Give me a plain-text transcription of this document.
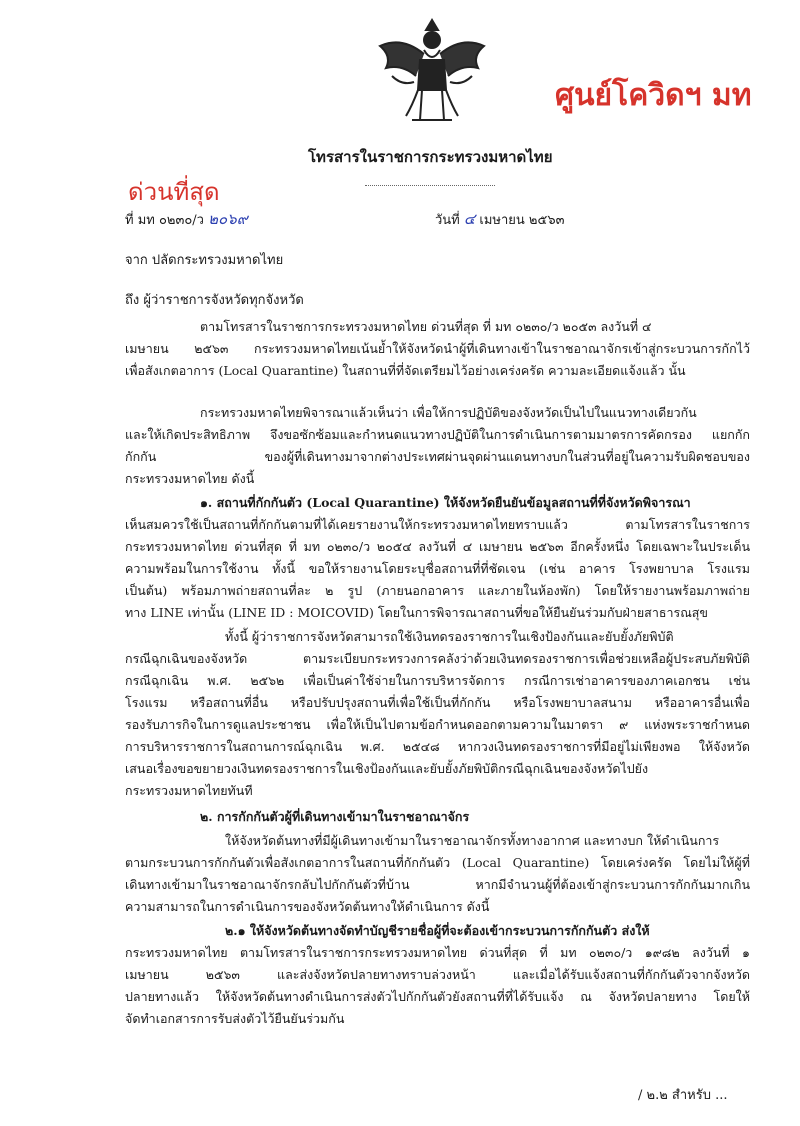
ศูนย์โควิดฯ มท
โทรสารในราชการกระทรวงมหาดไทย
ด่วนที่สุด
ที่ มท ๐๒๓๐/ว ๒๐๖๙	วันที่ ๔ เมษายน ๒๕๖๓
จาก ปลัดกระทรวงมหาดไทย
ถึง ผู้ว่าราชการจังหวัดทุกจังหวัด
ตามโทรสารในราชการกระทรวงมหาดไทย ด่วนที่สุด ที่ มท ๐๒๓๐/ว ๒๐๕๓ ลงวันที่ ๔
เมษายน ๒๕๖๓ กระทรวงมหาดไทยเน้นย้ำให้จังหวัดนำผู้ที่เดินทางเข้าในราชอาณาจักรเข้าสู่กระบวนการกักไว้
เพื่อสังเกตอาการ (Local Quarantine) ในสถานที่ที่จัดเตรียมไว้อย่างเคร่งครัด ความละเอียดแจ้งแล้ว นั้น
กระทรวงมหาดไทยพิจารณาแล้วเห็นว่า เพื่อให้การปฏิบัติของจังหวัดเป็นไปในแนวทางเดียวกัน
และให้เกิดประสิทธิภาพ จึงขอซักซ้อมและกำหนดแนวทางปฏิบัติในการดำเนินการตามมาตรการคัดกรอง แยกกัก
กักกัน ของผู้ที่เดินทางมาจากต่างประเทศผ่านจุดผ่านแดนทางบกในส่วนที่อยู่ในความรับผิดชอบของ
กระทรวงมหาดไทย ดังนี้
๑. สถานที่กักกันตัว (Local Quarantine) ให้จังหวัดยืนยันข้อมูลสถานที่ที่จังหวัดพิจารณา
เห็นสมควรใช้เป็นสถานที่กักกันตามที่ได้เคยรายงานให้กระทรวงมหาดไทยทราบแล้ว ตามโทรสารในราชการ
กระทรวงมหาดไทย ด่วนที่สุด ที่ มท ๐๒๓๐/ว ๒๐๕๔ ลงวันที่ ๔ เมษายน ๒๕๖๓ อีกครั้งหนึ่ง โดยเฉพาะในประเด็น
ความพร้อมในการใช้งาน ทั้งนี้ ขอให้รายงานโดยระบุชื่อสถานที่ที่ชัดเจน (เช่น อาคาร โรงพยาบาล โรงแรม
เป็นต้น) พร้อมภาพถ่ายสถานที่ละ ๒ รูป (ภายนอกอาคาร และภายในห้องพัก) โดยให้รายงานพร้อมภาพถ่าย
ทาง LINE เท่านั้น (LINE ID : MOICOVID) โดยในการพิจารณาสถานที่ขอให้ยืนยันร่วมกับฝ่ายสาธารณสุข
ทั้งนี้ ผู้ว่าราชการจังหวัดสามารถใช้เงินทดรองราชการในเชิงป้องกันและยับยั้งภัยพิบัติ
กรณีฉุกเฉินของจังหวัด ตามระเบียบกระทรวงการคลังว่าด้วยเงินทดรองราชการเพื่อช่วยเหลือผู้ประสบภัยพิบัติ
กรณีฉุกเฉิน พ.ศ. ๒๕๖๒ เพื่อเป็นค่าใช้จ่ายในการบริหารจัดการ กรณีการเช่าอาคารของภาคเอกชน เช่น
โรงแรม หรือสถานที่อื่น หรือปรับปรุงสถานที่เพื่อใช้เป็นที่กักกัน หรือโรงพยาบาลสนาม หรืออาคารอื่นเพื่อ
รองรับภารกิจในการดูแลประชาชน เพื่อให้เป็นไปตามข้อกำหนดออกตามความในมาตรา ๙ แห่งพระราชกำหนด
การบริหารราชการในสถานการณ์ฉุกเฉิน พ.ศ. ๒๕๔๘ หากวงเงินทดรองราชการที่มีอยู่ไม่เพียงพอ ให้จังหวัด
เสนอเรื่องขอขยายวงเงินทดรองราชการในเชิงป้องกันและยับยั้งภัยพิบัติกรณีฉุกเฉินของจังหวัดไปยัง
กระทรวงมหาดไทยทันที
๒. การกักกันตัวผู้ที่เดินทางเข้ามาในราชอาณาจักร
ให้จังหวัดต้นทางที่มีผู้เดินทางเข้ามาในราชอาณาจักรทั้งทางอากาศ และทางบก ให้ดำเนินการ
ตามกระบวนการกักกันตัวเพื่อสังเกตอาการในสถานที่กักกันตัว (Local Quarantine) โดยเคร่งครัด โดยไม่ให้ผู้ที่
เดินทางเข้ามาในราชอาณาจักรกลับไปกักกันตัวที่บ้าน หากมีจำนวนผู้ที่ต้องเข้าสู่กระบวนการกักกันมากเกิน
ความสามารถในการดำเนินการของจังหวัดต้นทางให้ดำเนินการ ดังนี้
๒.๑ ให้จังหวัดต้นทางจัดทำบัญชีรายชื่อผู้ที่จะต้องเข้ากระบวนการกักกันตัว ส่งให้
กระทรวงมหาดไทย ตามโทรสารในราชการกระทรวงมหาดไทย ด่วนที่สุด ที่ มท ๐๒๓๐/ว ๑๙๘๒ ลงวันที่ ๑
เมษายน ๒๕๖๓ และส่งจังหวัดปลายทางทราบล่วงหน้า และเมื่อได้รับแจ้งสถานที่กักกันตัวจากจังหวัด
ปลายทางแล้ว ให้จังหวัดต้นทางดำเนินการส่งตัวไปกักกันตัวยังสถานที่ที่ได้รับแจ้ง ณ จังหวัดปลายทาง โดยให้
จัดทำเอกสารการรับส่งตัวไว้ยืนยันร่วมกัน
/ ๒.๒ สำหรับ ...
